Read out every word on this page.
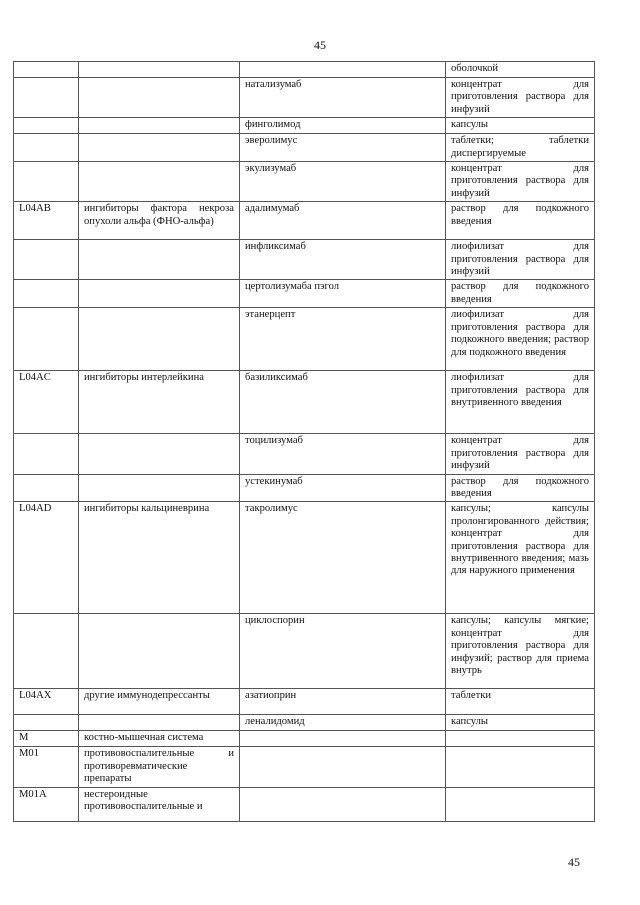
45
			оболочкой
		натализумаб	концентрат для приготовления раствора для инфузий
		финголимод	капсулы
		эверолимус	таблетки; таблетки диспергируемые
		экулизумаб	концентрат для приготовления раствора для инфузий
L04AB	ингибиторы фактора некроза опухоли альфа (ФНО-альфа)	адалимумаб	раствор для подкожного введения
		инфликсимаб	лиофилизат для приготовления раствора для инфузий
		цертолизумаба пэгол	раствор для подкожного введения
		этанерцепт	лиофилизат для приготовления раствора для подкожного введения; раствор для подкожного введения
L04AC	ингибиторы интерлейкина	базиликсимаб	лиофилизат для приготовления раствора для внутривенного введения
		тоцилизумаб	концентрат для приготовления раствора для инфузий
		устекинумаб	раствор для подкожного введения
L04AD	ингибиторы кальциневрина	такролимус	капсулы; капсулы пролонгированного действия; концентрат для приготовления раствора для внутривенного введения; мазь для наружного применения
		циклоспорин	капсулы; капсулы мягкие; концентрат для приготовления раствора для инфузий; раствор для приема внутрь
L04AX	другие иммунодепрессанты	азатиоприн	таблетки
		леналидомид	капсулы
M	костно-мышечная система		
M01	противовоспалительные и противоревматические препараты		
M01A	нестероидные противовоспалительные и		
45
